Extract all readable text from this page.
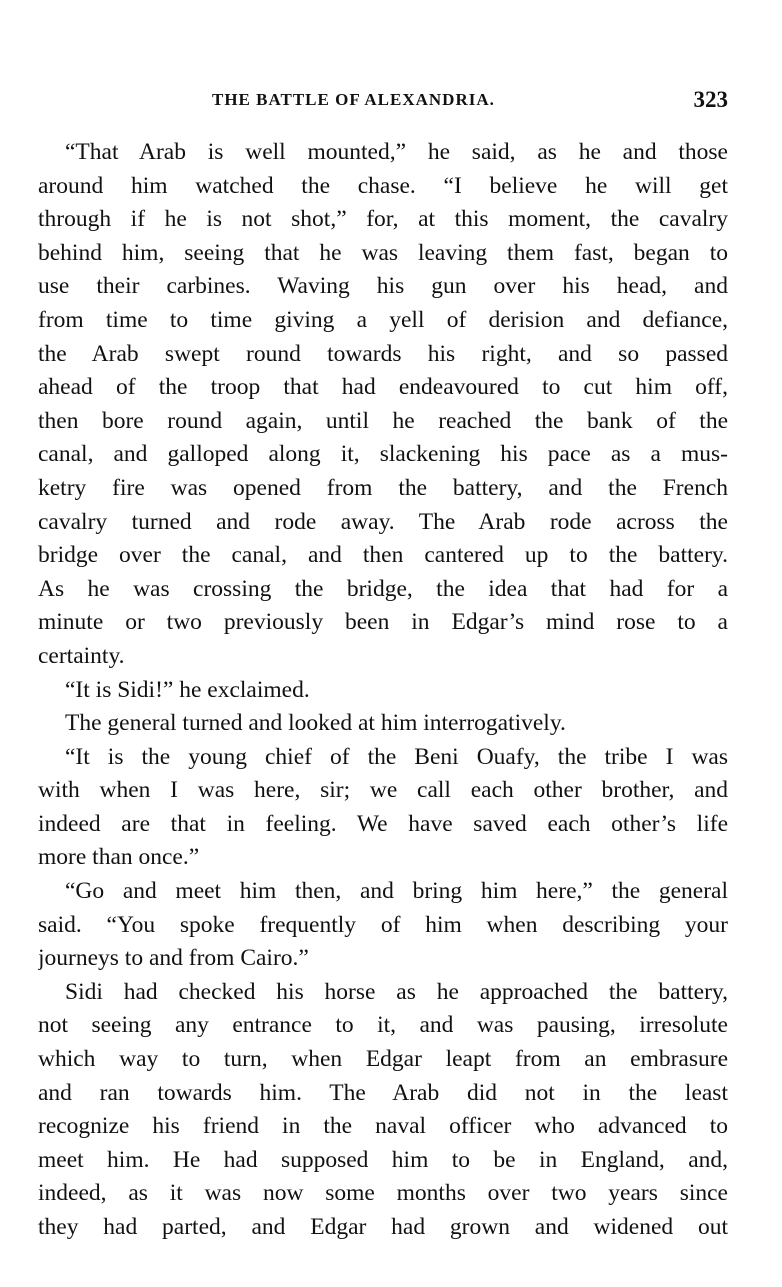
THE BATTLE OF ALEXANDRIA.	323
“That Arab is well mounted,” he said, as he and those
around him watched the chase. “I believe he will get
through if he is not shot,” for, at this moment, the cavalry
behind him, seeing that he was leaving them fast, began to
use their carbines. Waving his gun over his head, and
from time to time giving a yell of derision and defiance,
the Arab swept round towards his right, and so passed
ahead of the troop that had endeavoured to cut him off,
then bore round again, until he reached the bank of the
canal, and galloped along it, slackening his pace as a mus-
ketry fire was opened from the battery, and the French
cavalry turned and rode away. The Arab rode across the
bridge over the canal, and then cantered up to the battery.
As he was crossing the bridge, the idea that had for a
minute or two previously been in Edgar’s mind rose to a
certainty.
“It is Sidi!” he exclaimed.
The general turned and looked at him interrogatively.
“It is the young chief of the Beni Ouafy, the tribe I was
with when I was here, sir; we call each other brother, and
indeed are that in feeling. We have saved each other’s life
more than once.”
“Go and meet him then, and bring him here,” the general
said. “You spoke frequently of him when describing your
journeys to and from Cairo.”
Sidi had checked his horse as he approached the battery,
not seeing any entrance to it, and was pausing, irresolute
which way to turn, when Edgar leapt from an embrasure
and ran towards him. The Arab did not in the least
recognize his friend in the naval officer who advanced to
meet him. He had supposed him to be in England, and,
indeed, as it was now some months over two years since
they had parted, and Edgar had grown and widened out
